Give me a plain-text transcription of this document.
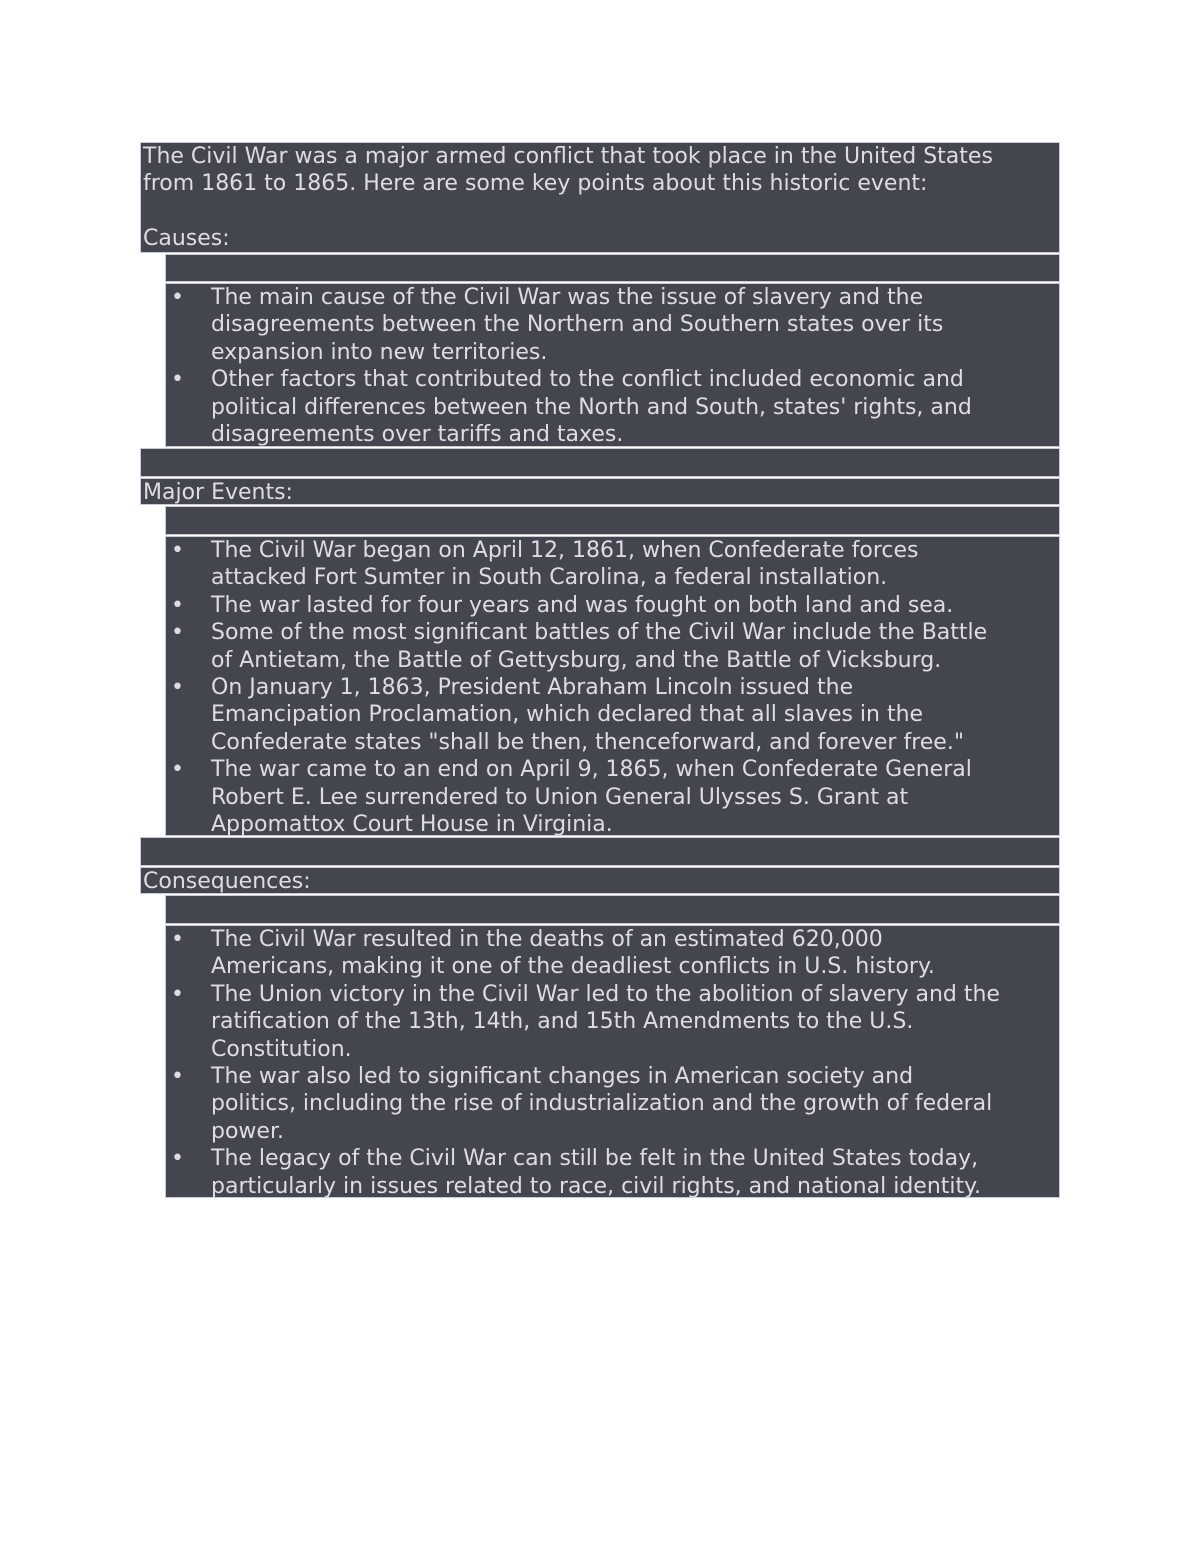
The Civil War was a major armed conflict that took place in the United States
from 1861 to 1865. Here are some key points about this historic event:

Causes:
• The main cause of the Civil War was the issue of slavery and the
disagreements between the Northern and Southern states over its
expansion into new territories.
• Other factors that contributed to the conflict included economic and
political differences between the North and South, states' rights, and
disagreements over tariffs and taxes.
Major Events:
• The Civil War began on April 12, 1861, when Confederate forces
attacked Fort Sumter in South Carolina, a federal installation.
• The war lasted for four years and was fought on both land and sea.
• Some of the most significant battles of the Civil War include the Battle
of Antietam, the Battle of Gettysburg, and the Battle of Vicksburg.
• On January 1, 1863, President Abraham Lincoln issued the
Emancipation Proclamation, which declared that all slaves in the
Confederate states "shall be then, thenceforward, and forever free."
• The war came to an end on April 9, 1865, when Confederate General
Robert E. Lee surrendered to Union General Ulysses S. Grant at
Appomattox Court House in Virginia.
Consequences:
• The Civil War resulted in the deaths of an estimated 620,000
Americans, making it one of the deadliest conflicts in U.S. history.
• The Union victory in the Civil War led to the abolition of slavery and the
ratification of the 13th, 14th, and 15th Amendments to the U.S.
Constitution.
• The war also led to significant changes in American society and
politics, including the rise of industrialization and the growth of federal
power.
• The legacy of the Civil War can still be felt in the United States today,
particularly in issues related to race, civil rights, and national identity.
